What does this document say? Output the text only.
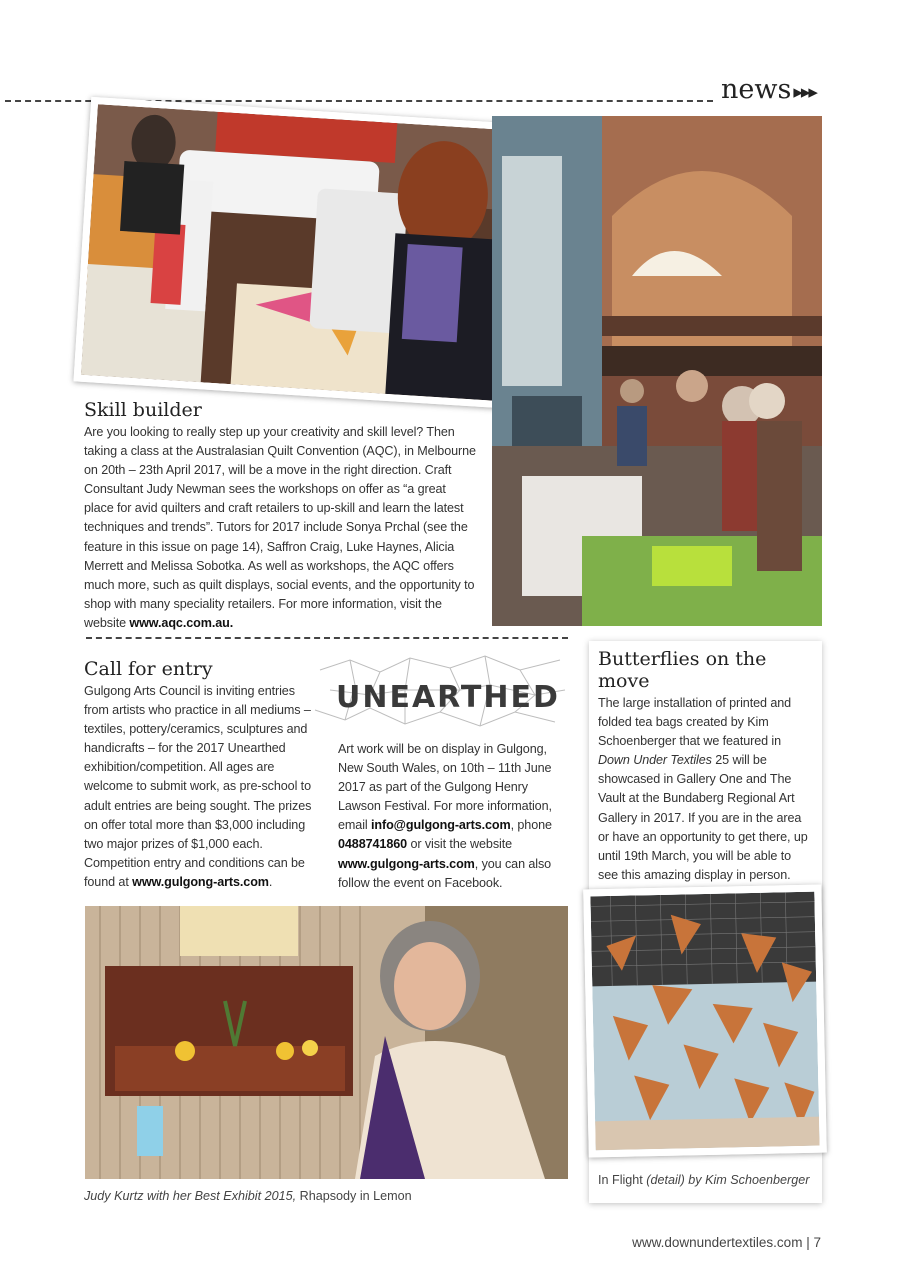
news ▸▸▸
Skill builder

Are you looking to really step up your creativity and skill level? Then taking a class at the Australasian Quilt Convention (AQC), in Melbourne on 20th – 23th April 2017, will be a move in the right direction. Craft Consultant Judy Newman sees the workshops on offer as “a great place for avid quilters and craft retailers to up-skill and learn the latest techniques and trends”. Tutors for 2017 include Sonya Prchal (see the feature in this issue on page 14), Saffron Craig, Luke Haynes, Alicia Merrett and Melissa Sobotka. As well as workshops, the AQC offers much more, such as quilt displays, social events, and the opportunity to shop with many speciality retailers. For more information, visit the website www.aqc.com.au.

Call for entry

Gulgong Arts Council is inviting entries from artists who practice in all mediums – textiles, pottery/ceramics, sculptures and handicrafts – for the 2017 Unearthed exhibition/competition. All ages are welcome to submit work, as pre-school to adult entries are being sought. The prizes on offer total more than $3,000 including two major prizes of $1,000 each. Competition entry and conditions can be found at www.gulgong-arts.com.

UNEARTHED

Art work will be on display in Gulgong, New South Wales, on 10th – 11th June 2017 as part of the Gulgong Henry Lawson Festival. For more information, email info@gulgong-arts.com, phone 0488741860 or visit the website www.gulgong-arts.com, you can also follow the event on Facebook.

Butterflies on the move

The large installation of printed and folded tea bags created by Kim Schoenberger that we featured in Down Under Textiles 25 will be showcased in Gallery One and The Vault at the Bundaberg Regional Art Gallery in 2017. If you are in the area or have an opportunity to get there, up until 19th March, you will be able to see this amazing display in person.

In Flight (detail) by Kim Schoenberger
Judy Kurtz with her Best Exhibit 2015, Rhapsody in Lemon
www.downundertextiles.com | 7
